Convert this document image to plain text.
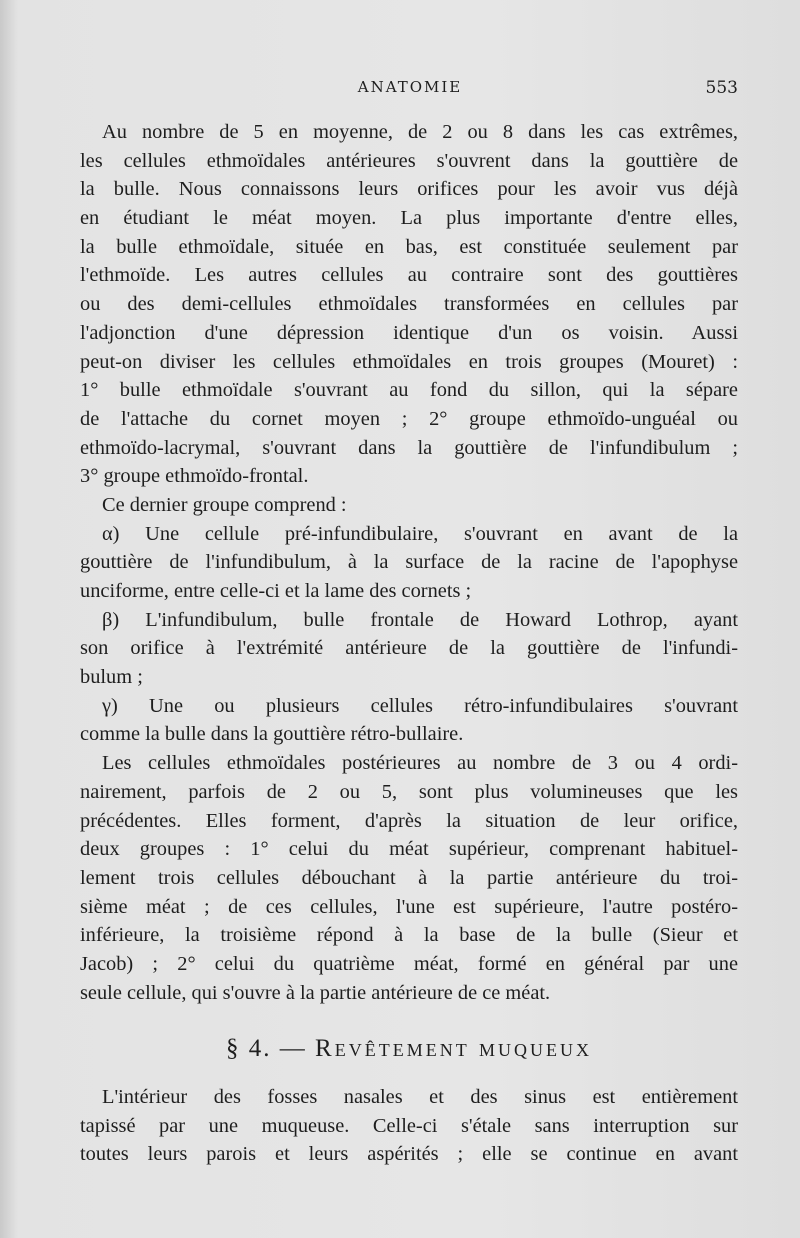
ANATOMIE	553
Au nombre de 5 en moyenne, de 2 ou 8 dans les cas extrêmes,
les cellules ethmoïdales antérieures s'ouvrent dans la gouttière de
la bulle. Nous connaissons leurs orifices pour les avoir vus déjà
en étudiant le méat moyen. La plus importante d'entre elles,
la bulle ethmoïdale, située en bas, est constituée seulement par
l'ethmoïde. Les autres cellules au contraire sont des gouttières
ou des demi-cellules ethmoïdales transformées en cellules par
l'adjonction d'une dépression identique d'un os voisin. Aussi
peut-on diviser les cellules ethmoïdales en trois groupes (Mouret) :
1° bulle ethmoïdale s'ouvrant au fond du sillon, qui la sépare
de l'attache du cornet moyen ; 2° groupe ethmoïdo-unguéal ou
ethmoïdo-lacrymal, s'ouvrant dans la gouttière de l'infundibulum ;
3° groupe ethmoïdo-frontal.
Ce dernier groupe comprend :
α) Une cellule pré-infundibulaire, s'ouvrant en avant de la
gouttière de l'infundibulum, à la surface de la racine de l'apophyse
unciforme, entre celle-ci et la lame des cornets ;
β) L'infundibulum, bulle frontale de Howard Lothrop, ayant
son orifice à l'extrémité antérieure de la gouttière de l'infundi-
bulum ;
γ) Une ou plusieurs cellules rétro-infundibulaires s'ouvrant
comme la bulle dans la gouttière rétro-bullaire.
Les cellules ethmoïdales postérieures au nombre de 3 ou 4 ordi-
nairement, parfois de 2 ou 5, sont plus volumineuses que les
précédentes. Elles forment, d'après la situation de leur orifice,
deux groupes : 1° celui du méat supérieur, comprenant habituel-
lement trois cellules débouchant à la partie antérieure du troi-
sième méat ; de ces cellules, l'une est supérieure, l'autre postéro-
inférieure, la troisième répond à la base de la bulle (Sieur et
Jacob) ; 2° celui du quatrième méat, formé en général par une
seule cellule, qui s'ouvre à la partie antérieure de ce méat.
§ 4. — Revêtement muqueux
L'intérieur des fosses nasales et des sinus est entièrement
tapissé par une muqueuse. Celle-ci s'étale sans interruption sur
toutes leurs parois et leurs aspérités ; elle se continue en avant
